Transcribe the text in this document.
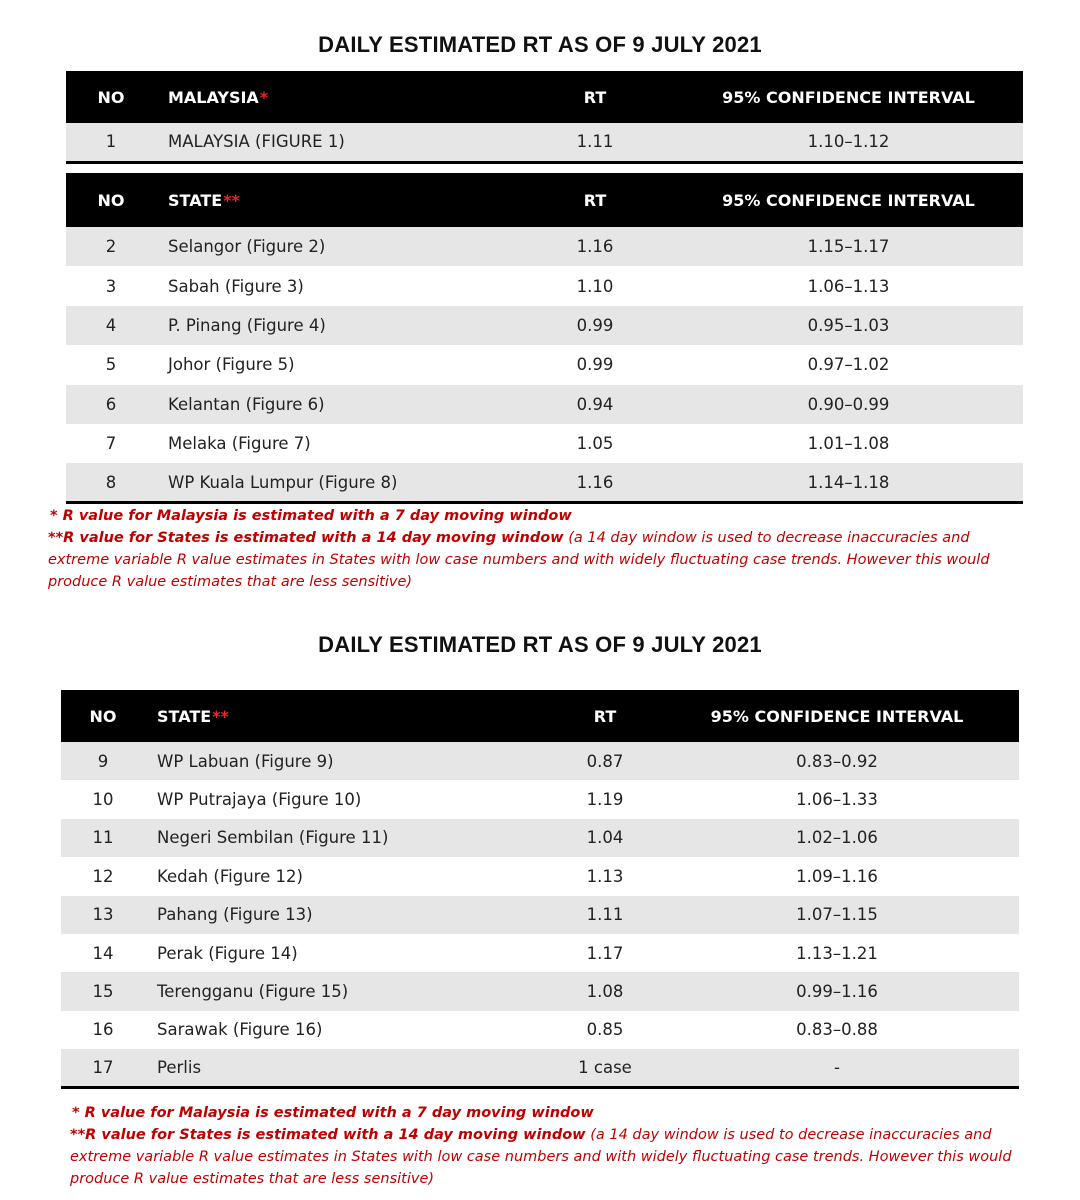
DAILY ESTIMATED RT AS OF 9 JULY 2021
NO	MALAYSIA*	RT	95% CONFIDENCE INTERVAL
1	MALAYSIA (FIGURE 1)	1.11	1.10–1.12
NO	STATE**	RT	95% CONFIDENCE INTERVAL
2	Selangor (Figure 2)	1.16	1.15–1.17
3	Sabah (Figure 3)	1.10	1.06–1.13
4	P. Pinang (Figure 4)	0.99	0.95–1.03
5	Johor (Figure 5)	0.99	0.97–1.02
6	Kelantan (Figure 6)	0.94	0.90–0.99
7	Melaka (Figure 7)	1.05	1.01–1.08
8	WP Kuala Lumpur (Figure 8)	1.16	1.14–1.18
* R value for Malaysia is estimated with a 7 day moving window
**R value for States is estimated with a 14 day moving window (a 14 day window is used to decrease inaccuracies and extreme variable R value estimates in States with low case numbers and with widely fluctuating case trends. However this would produce R value estimates that are less sensitive)
DAILY ESTIMATED RT AS OF 9 JULY 2021
NO	STATE**	RT	95% CONFIDENCE INTERVAL
9	WP Labuan (Figure 9)	0.87	0.83–0.92
10	WP Putrajaya (Figure 10)	1.19	1.06–1.33
11	Negeri Sembilan (Figure 11)	1.04	1.02–1.06
12	Kedah (Figure 12)	1.13	1.09–1.16
13	Pahang (Figure 13)	1.11	1.07–1.15
14	Perak (Figure 14)	1.17	1.13–1.21
15	Terengganu (Figure 15)	1.08	0.99–1.16
16	Sarawak (Figure 16)	0.85	0.83–0.88
17	Perlis	1 case	-
* R value for Malaysia is estimated with a 7 day moving window
**R value for States is estimated with a 14 day moving window (a 14 day window is used to decrease inaccuracies and extreme variable R value estimates in States with low case numbers and with widely fluctuating case trends. However this would produce R value estimates that are less sensitive)
